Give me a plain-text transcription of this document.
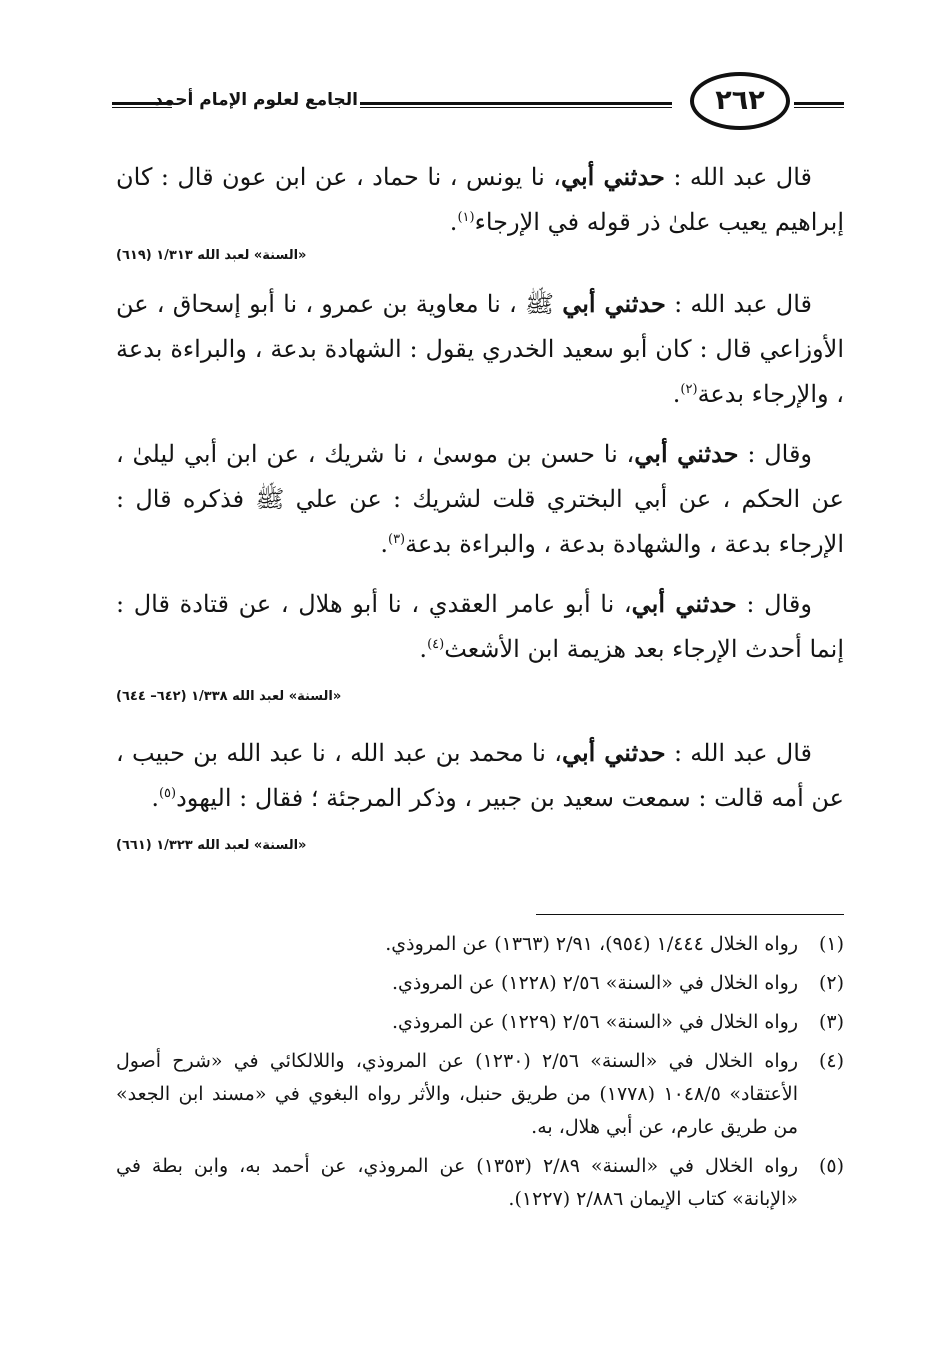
الجامع لعلوم الإمام أحمد	٢٦٢

قال عبد الله : حدثني أبي، نا يونس ، نا حماد ، عن ابن عون قال : كان إبراهيم يعيب علىٰ ذر قوله في الإرجاء$^{(١)}$.

«السنة» لعبد الله ١/٣١٣ (٦١٩)

قال عبد الله : حدثني أبي ﷺ ، نا معاوية بن عمرو ، نا أبو إسحاق ، عن الأوزاعي قال : كان أبو سعيد الخدري يقول : الشهادة بدعة ، والبراءة بدعة ، والإرجاء بدعة$^{(٢)}$.

وقال : حدثني أبي، نا حسن بن موسىٰ ، نا شريك ، عن ابن أبي ليلىٰ ، عن الحكم ، عن أبي البختري قلت لشريك : عن علي ﷺ فذكره قال : الإرجاء بدعة ، والشهادة بدعة ، والبراءة بدعة$^{(٣)}$.

وقال : حدثني أبي، نا أبو عامر العقدي ، نا أبو هلال ، عن قتادة قال : إنما أحدث الإرجاء بعد هزيمة ابن الأشعث$^{(٤)}$.

«السنة» لعبد الله ١/٣٣٨ (٦٤٢– ٦٤٤)

قال عبد الله : حدثني أبي، نا محمد بن عبد الله ، نا عبد الله بن حبيب ، عن أمه قالت : سمعت سعيد بن جبير ، وذكر المرجئة ؛ فقال : اليهود$^{(٥)}$.

«السنة» لعبد الله ١/٣٢٣ (٦٦١)

(١)
رواه الخلال ١/٤٤٤ (٩٥٤)، ٢/٩١ (١٣٦٣) عن المروذي.
(٢)
رواه الخلال في «السنة» ٢/٥٦ (١٢٢٨) عن المروذي.
(٣)
رواه الخلال في «السنة» ٢/٥٦ (١٢٢٩) عن المروذي.
(٤)
رواه الخلال في «السنة» ٢/٥٦ (١٢٣٠) عن المروذي، واللالكائي في «شرح أصول الأعتقاد» ١٠٤٨/٥ (١٧٧٨) من طريق حنبل، والأثر رواه البغوي في «مسند ابن الجعد» من طريق عارم، عن أبي هلال، به.
(٥)
رواه الخلال في «السنة» ٢/٨٩ (١٣٥٣) عن المروذي، عن أحمد به، وابن بطة في «الإبانة» كتاب الإيمان ٢/٨٨٦ (١٢٢٧).
